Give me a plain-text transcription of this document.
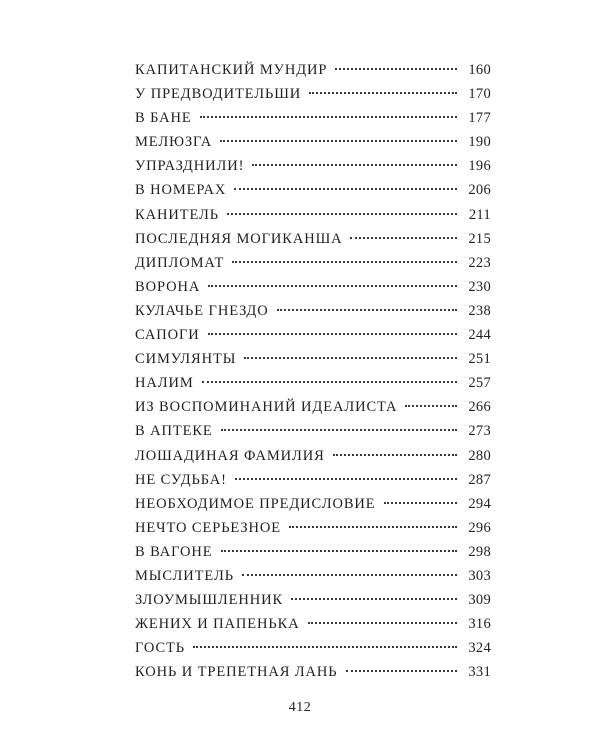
КАПИТАНСКИЙ МУНДИР	160
У ПРЕДВОДИТЕЛЬШИ	170
В БАНЕ	177
МЕЛЮЗГА	190
УПРАЗДНИЛИ!	196
В НОМЕРАХ	206
КАНИТЕЛЬ	211
ПОСЛЕДНЯЯ МОГИКАНША	215
ДИПЛОМАТ	223
ВОРОНА	230
КУЛАЧЬЕ ГНЕЗДО	238
САПОГИ	244
СИМУЛЯНТЫ	251
НАЛИМ	257
ИЗ ВОСПОМИНАНИЙ ИДЕАЛИСТА	266
В АПТЕКЕ	273
ЛОШАДИНАЯ ФАМИЛИЯ	280
НЕ СУДЬБА!	287
НЕОБХОДИМОЕ ПРЕДИСЛОВИЕ	294
НЕЧТО СЕРЬЕЗНОЕ	296
В ВАГОНЕ	298
МЫСЛИТЕЛЬ	303
ЗЛОУМЫШЛЕННИК	309
ЖЕНИХ И ПАПЕНЬКА	316
ГОСТЬ	324
КОНЬ И ТРЕПЕТНАЯ ЛАНЬ	331
412
